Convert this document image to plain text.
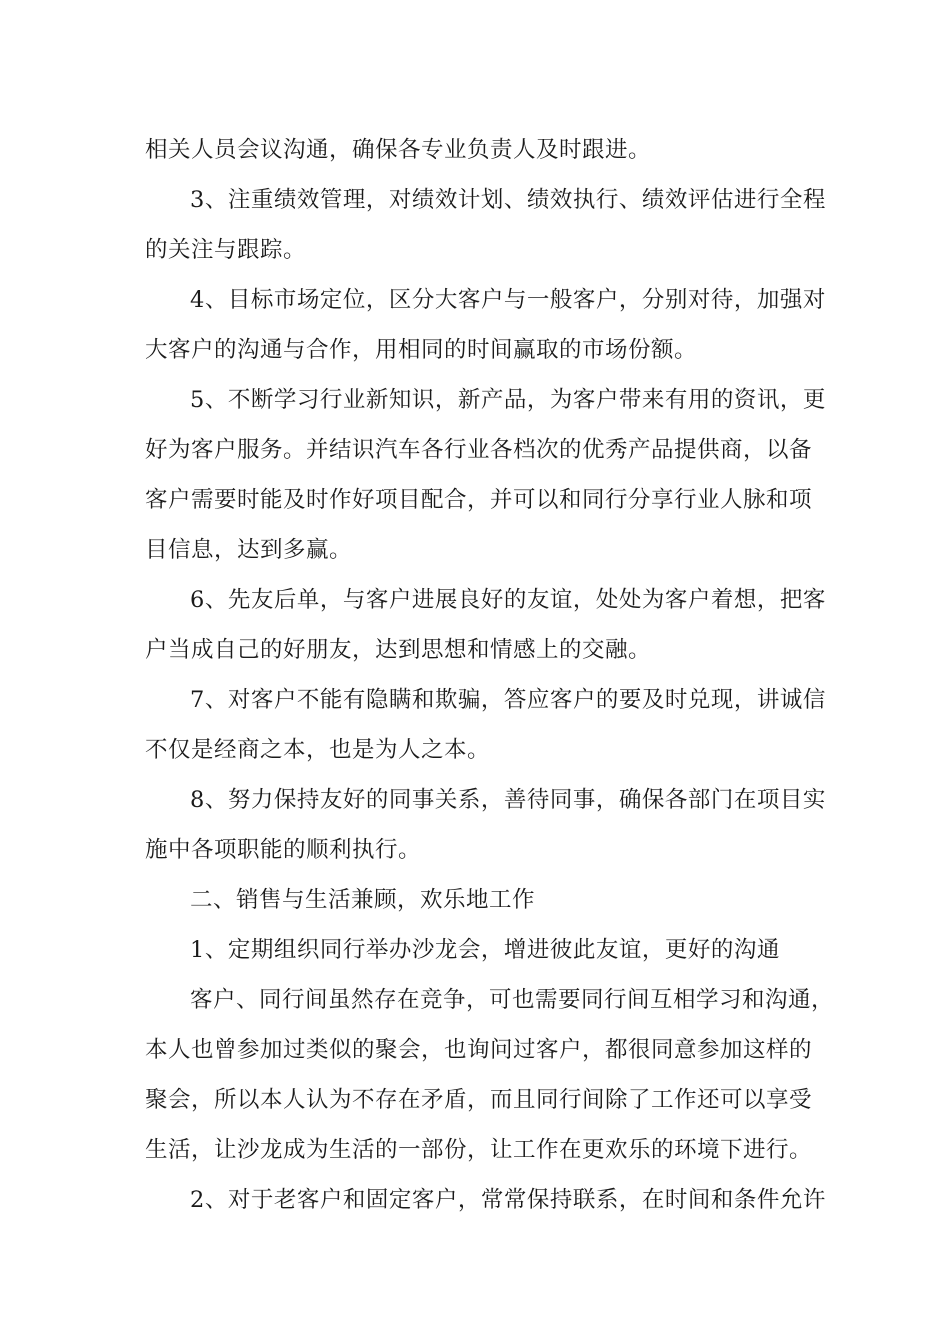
相关人员会议沟通，确保各专业负责人及时跟进。
3、注重绩效管理，对绩效计划、绩效执行、绩效评估进行全程
的关注与跟踪。
4、目标市场定位，区分大客户与一般客户，分别对待，加强对
大客户的沟通与合作，用相同的时间赢取的市场份额。
5、不断学习行业新知识，新产品，为客户带来有用的资讯，更
好为客户服务。并结识汽车各行业各档次的优秀产品提供商，以备
客户需要时能及时作好项目配合，并可以和同行分享行业人脉和项
目信息，达到多赢。
6、先友后单，与客户进展良好的友谊，处处为客户着想，把客
户当成自己的好朋友，达到思想和情感上的交融。
7、对客户不能有隐瞒和欺骗，答应客户的要及时兑现，讲诚信
不仅是经商之本，也是为人之本。
8、努力保持友好的同事关系，善待同事，确保各部门在项目实
施中各项职能的顺利执行。
二、销售与生活兼顾，欢乐地工作
1、定期组织同行举办沙龙会，增进彼此友谊，更好的沟通
客户、同行间虽然存在竞争，可也需要同行间互相学习和沟通，
本人也曾参加过类似的聚会，也询问过客户，都很同意参加这样的
聚会，所以本人认为不存在矛盾，而且同行间除了工作还可以享受
生活，让沙龙成为生活的一部份，让工作在更欢乐的环境下进行。
2、对于老客户和固定客户，常常保持联系，在时间和条件允许
